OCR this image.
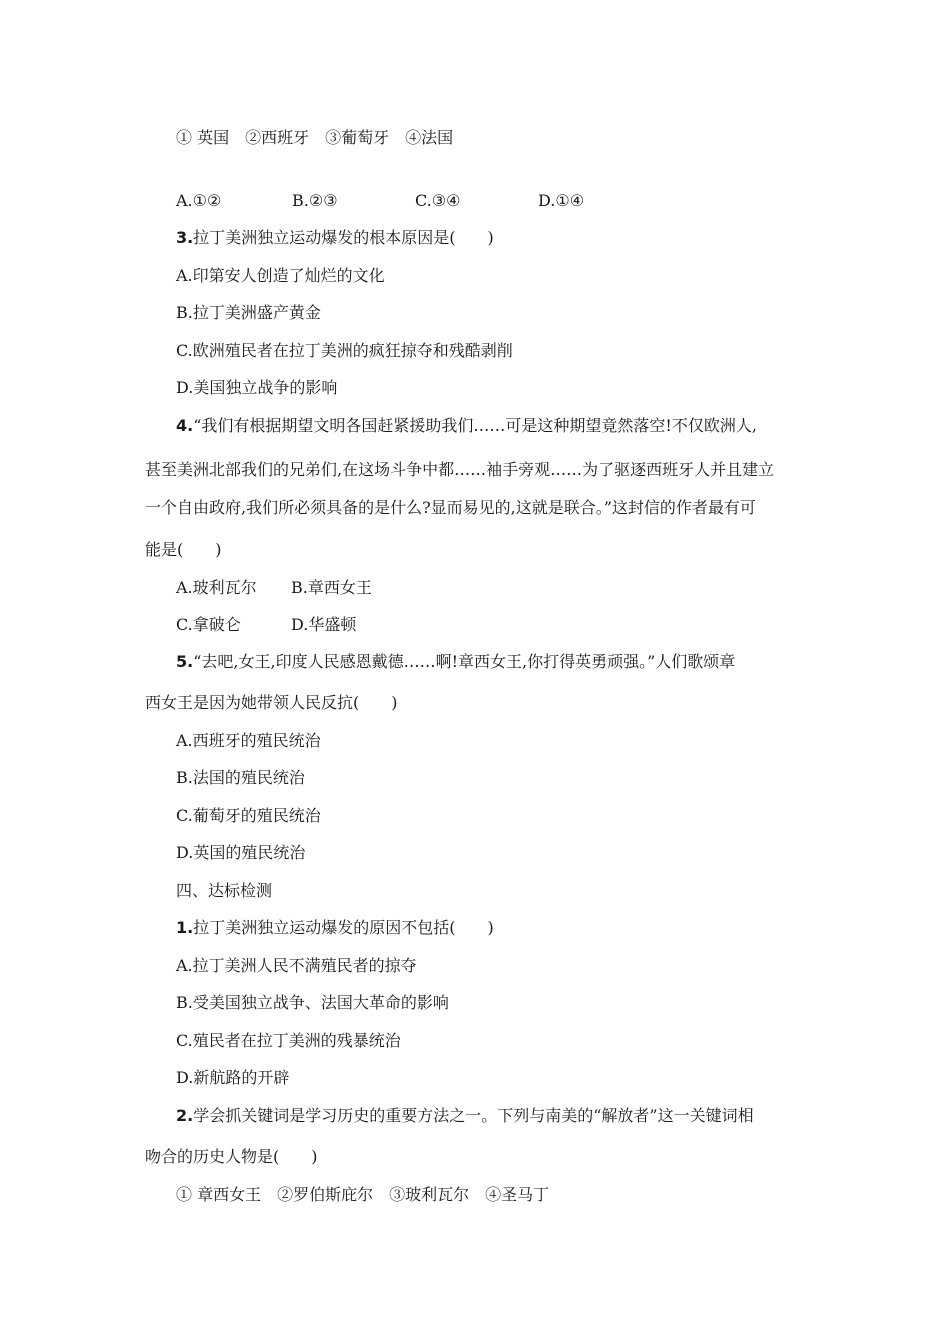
① 英国　②西班牙　③葡萄牙　④法国
A.①②	B.②③	C.③④	D.①④
3.拉丁美洲独立运动爆发的根本原因是(　　)
A.印第安人创造了灿烂的文化
B.拉丁美洲盛产黄金
C.欧洲殖民者在拉丁美洲的疯狂掠夺和残酷剥削
D.美国独立战争的影响
4.“我们有根据期望文明各国赶紧援助我们……可是这种期望竟然落空!不仅欧洲人,
甚至美洲北部我们的兄弟们,在这场斗争中都……袖手旁观……为了驱逐西班牙人并且建立
一个自由政府,我们所必须具备的是什么?显而易见的,这就是联合。”这封信的作者最有可
能是(　　)
A.玻利瓦尔 B.章西女王
C.拿破仑	D.华盛顿
5.“去吧,女王,印度人民感恩戴德……啊!章西女王,你打得英勇顽强。”人们歌颂章
西女王是因为她带领人民反抗(　　)
A.西班牙的殖民统治
B.法国的殖民统治
C.葡萄牙的殖民统治
D.英国的殖民统治
四、达标检测
1.拉丁美洲独立运动爆发的原因不包括(　　)
A.拉丁美洲人民不满殖民者的掠夺
B.受美国独立战争、法国大革命的影响
C.殖民者在拉丁美洲的残暴统治
D.新航路的开辟
2.学会抓关键词是学习历史的重要方法之一。下列与南美的“解放者”这一关键词相
吻合的历史人物是(　　)
① 章西女王　②罗伯斯庇尔　③玻利瓦尔　④圣马丁
